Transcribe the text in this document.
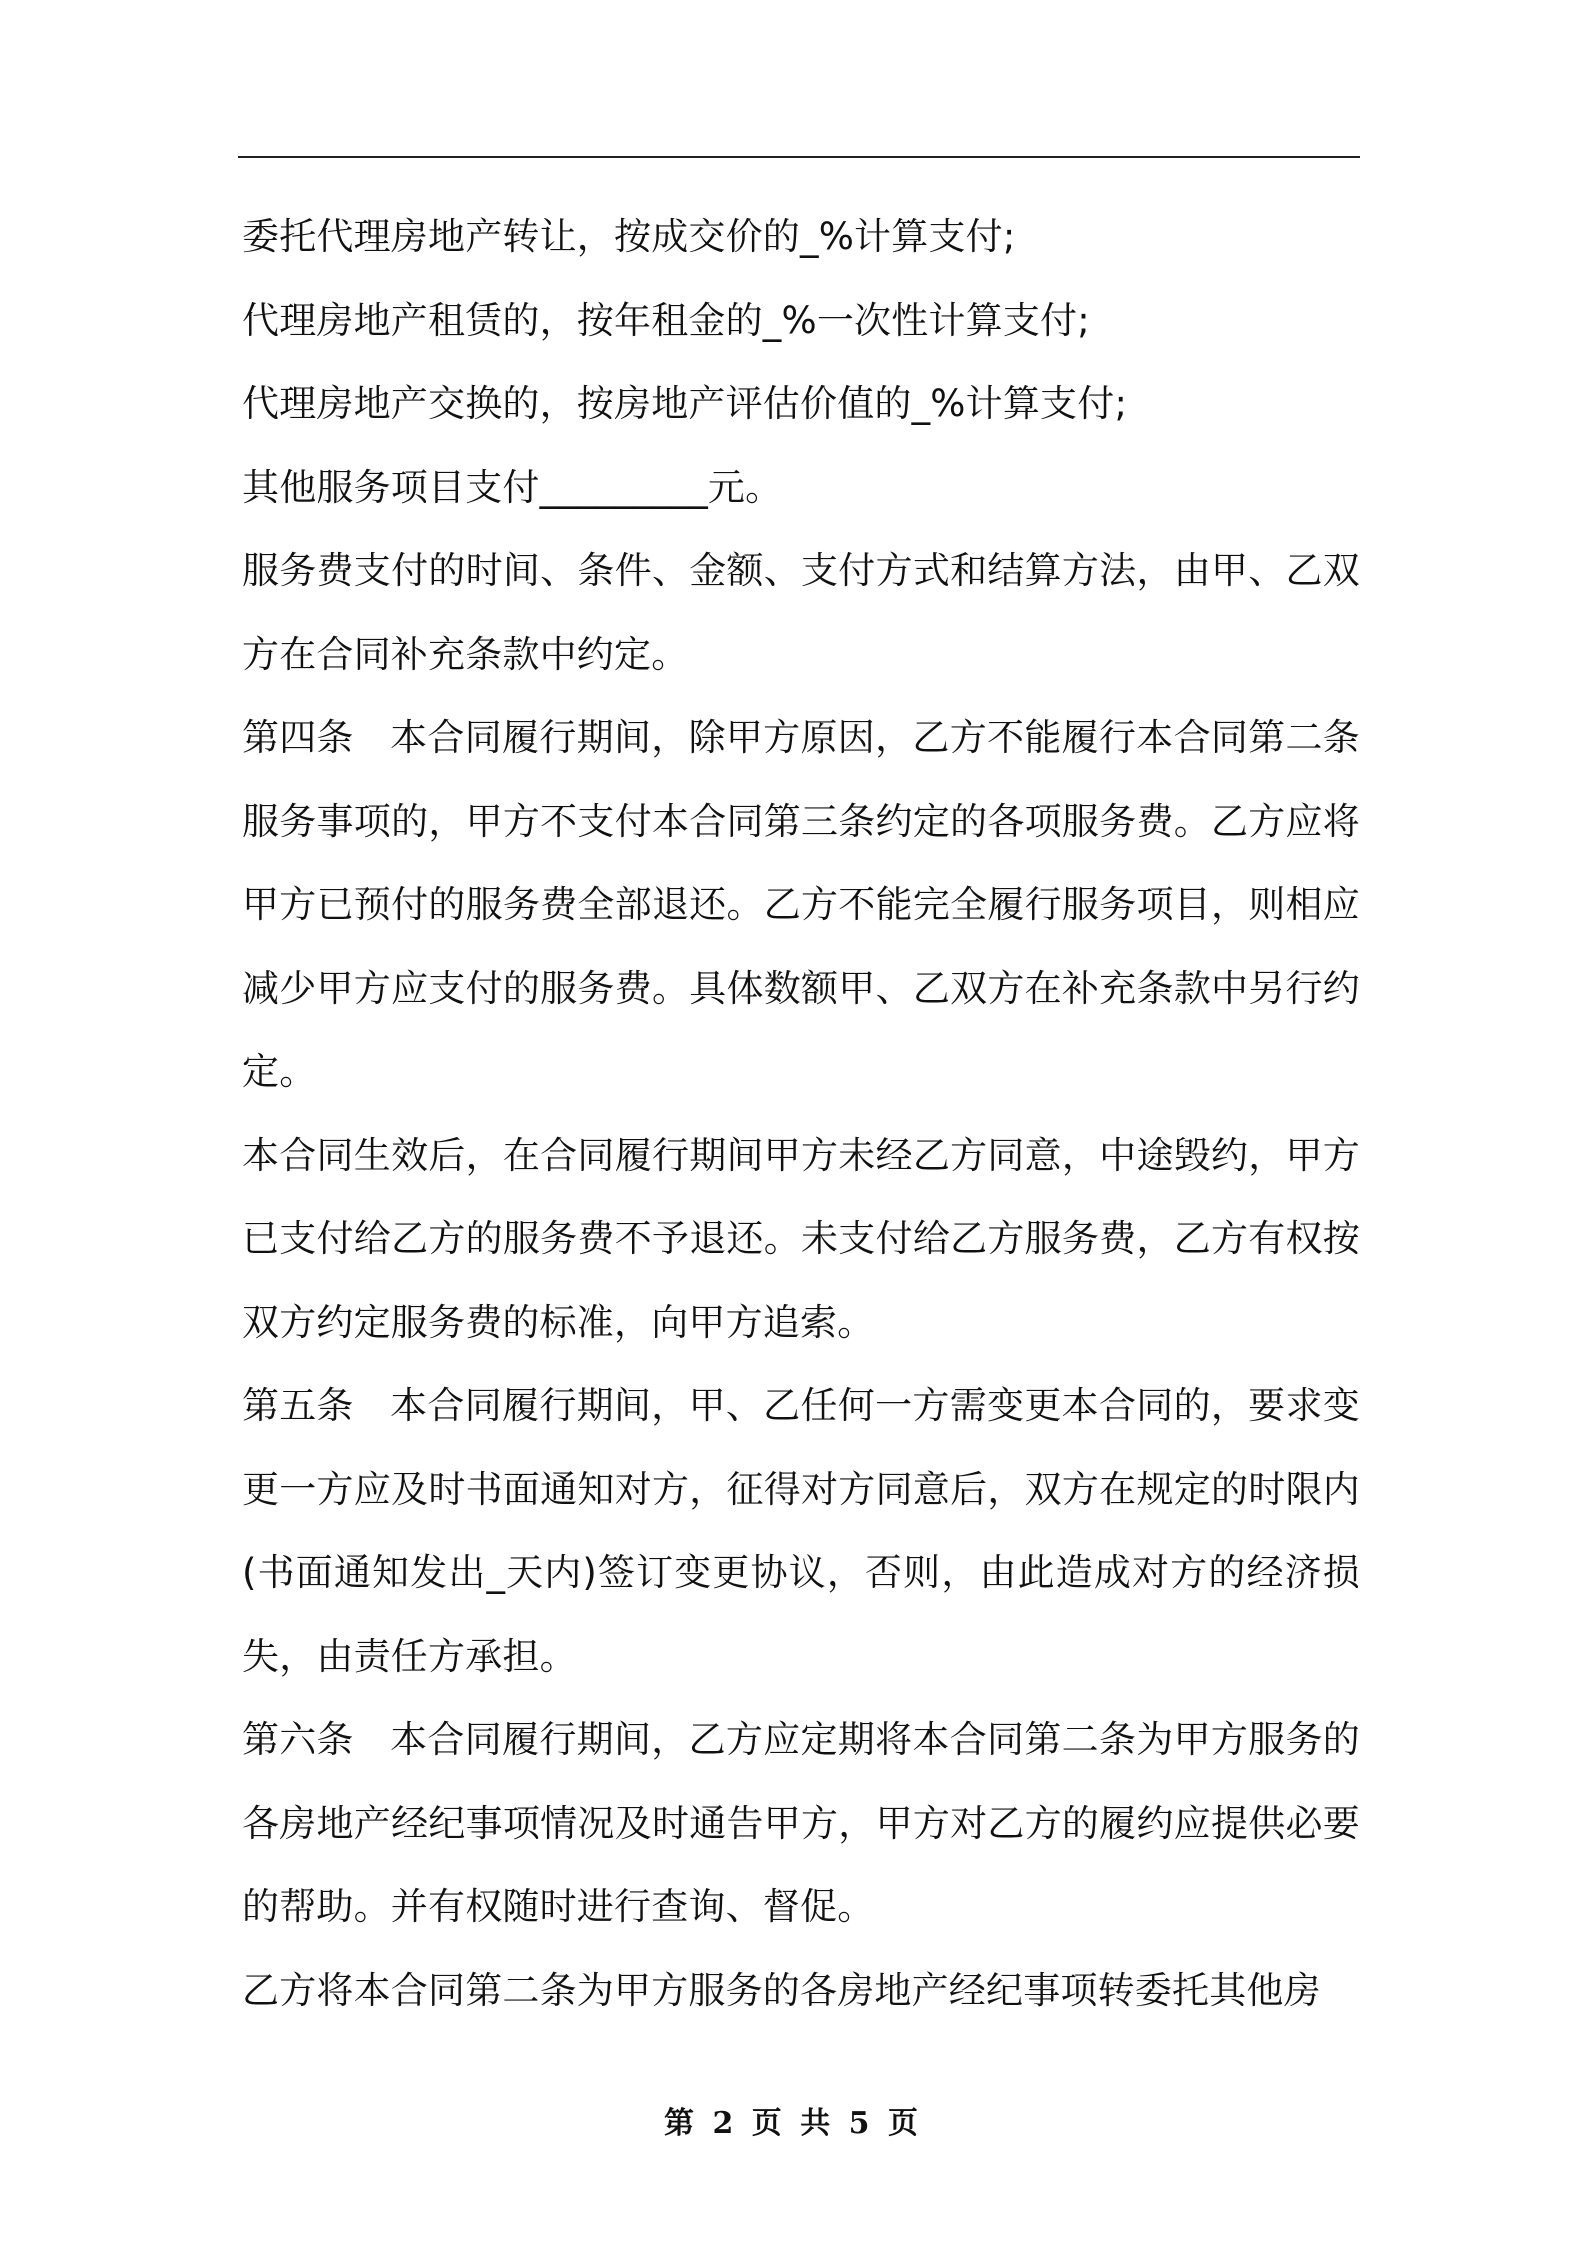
委托代理房地产转让，按成交价的_%计算支付;

代理房地产租赁的，按年租金的_%一次性计算支付;

代理房地产交换的，按房地产评估价值的_%计算支付;

其他服务项目支付_________元。

服务费支付的时间、条件、金额、支付方式和结算方法，由甲、乙双方在合同补充条款中约定。

第四条 本合同履行期间，除甲方原因，乙方不能履行本合同第二条服务事项的，甲方不支付本合同第三条约定的各项服务费。乙方应将甲方已预付的服务费全部退还。乙方不能完全履行服务项目，则相应减少甲方应支付的服务费。具体数额甲、乙双方在补充条款中另行约定。

本合同生效后，在合同履行期间甲方未经乙方同意，中途毁约，甲方已支付给乙方的服务费不予退还。未支付给乙方服务费，乙方有权按双方约定服务费的标准，向甲方追索。

第五条 本合同履行期间，甲、乙任何一方需变更本合同的，要求变更一方应及时书面通知对方，征得对方同意后，双方在规定的时限内(书面通知发出_天内)签订变更协议，否则，由此造成对方的经济损失，由责任方承担。

第六条 本合同履行期间，乙方应定期将本合同第二条为甲方服务的各房地产经纪事项情况及时通告甲方，甲方对乙方的履约应提供必要的帮助。并有权随时进行查询、督促。

乙方将本合同第二条为甲方服务的各房地产经纪事项转委托其他房

第 2 页 共 5 页
